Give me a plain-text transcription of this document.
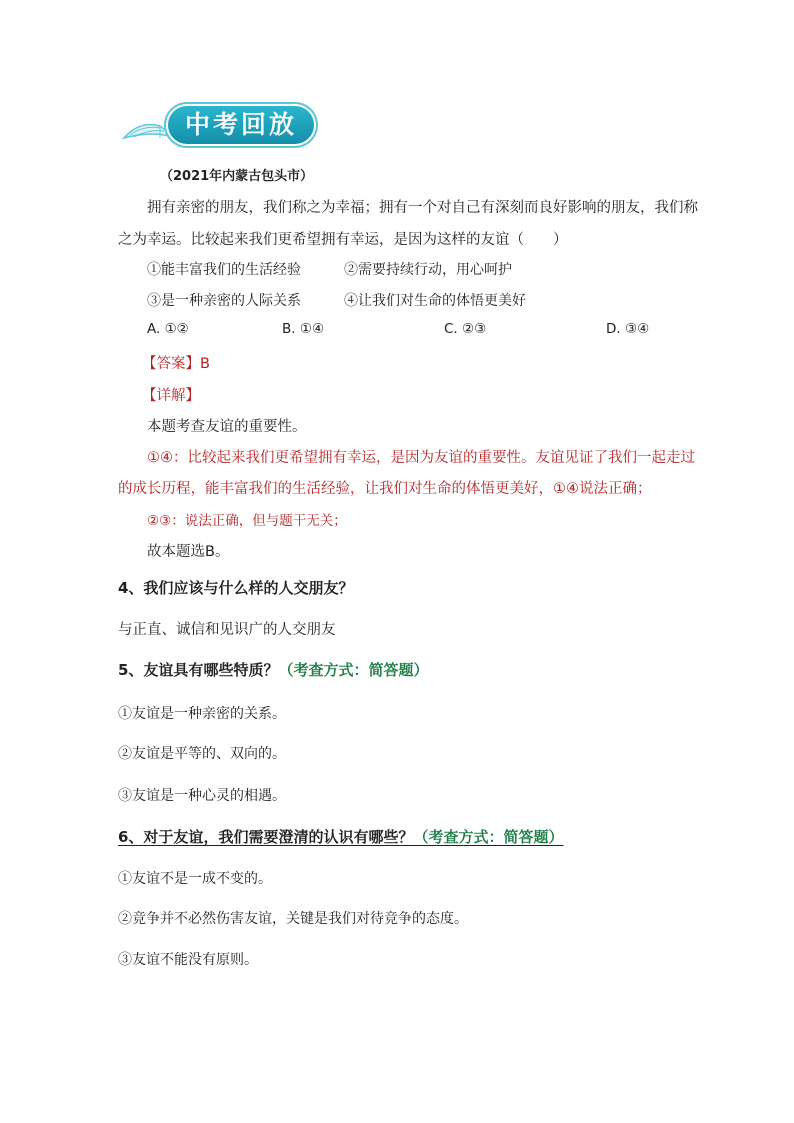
中考回放
（2021年内蒙古包头市）
拥有亲密的朋友，我们称之为幸福；拥有一个对自己有深刻而良好影响的朋友，我们称
之为幸运。比较起来我们更希望拥有幸运，是因为这样的友谊（　　）
①能丰富我们的生活经验	②需要持续行动，用心呵护
③是一种亲密的人际关系	④让我们对生命的体悟更美好
A. ①②	B. ①④	C. ②③	D. ③④
【答案】B
【详解】
本题考查友谊的重要性。
①④：比较起来我们更希望拥有幸运，是因为友谊的重要性。友谊见证了我们一起走过
的成长历程，能丰富我们的生活经验，让我们对生命的体悟更美好，①④说法正确；
②③：说法正确，但与题干无关；
故本题选B。
4、我们应该与什么样的人交朋友？
与正直、诚信和见识广的人交朋友
5、友谊具有哪些特质？（考查方式：简答题）
①友谊是一种亲密的关系。
②友谊是平等的、双向的。
③友谊是一种心灵的相遇。
6、对于友谊，我们需要澄清的认识有哪些？（考查方式：简答题）
①友谊不是一成不变的。
②竞争并不必然伤害友谊，关键是我们对待竞争的态度。
③友谊不能没有原则。
